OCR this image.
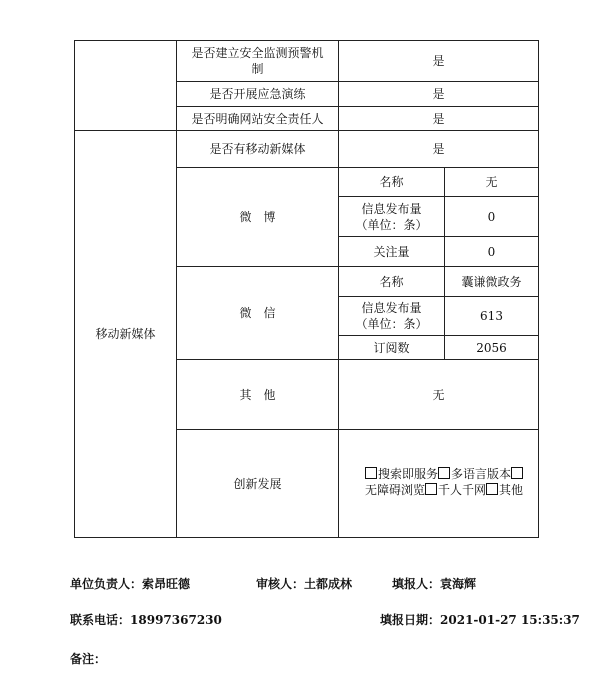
	是否建立安全监测预警机制	是	
	是否开展应急演练	是	
	是否明确网站安全责任人	是	
移动新媒体	是否有移动新媒体	是	
	微　博	名称	无
		信息发布量（单位：条）	0
		关注量	0
	微　信	名称	囊谦微政务
		信息发布量（单位：条）	613
		订阅数	2056
	其　他	无	
	创新发展	搜索即服务 多语言版本无障碍浏览 千人千网 其他	
单位负责人：索昂旺德	审核人：土都成林	填报人：袁海辉
联系电话：18997367230	填报日期：2021-01-27 15:35:37
备注：
